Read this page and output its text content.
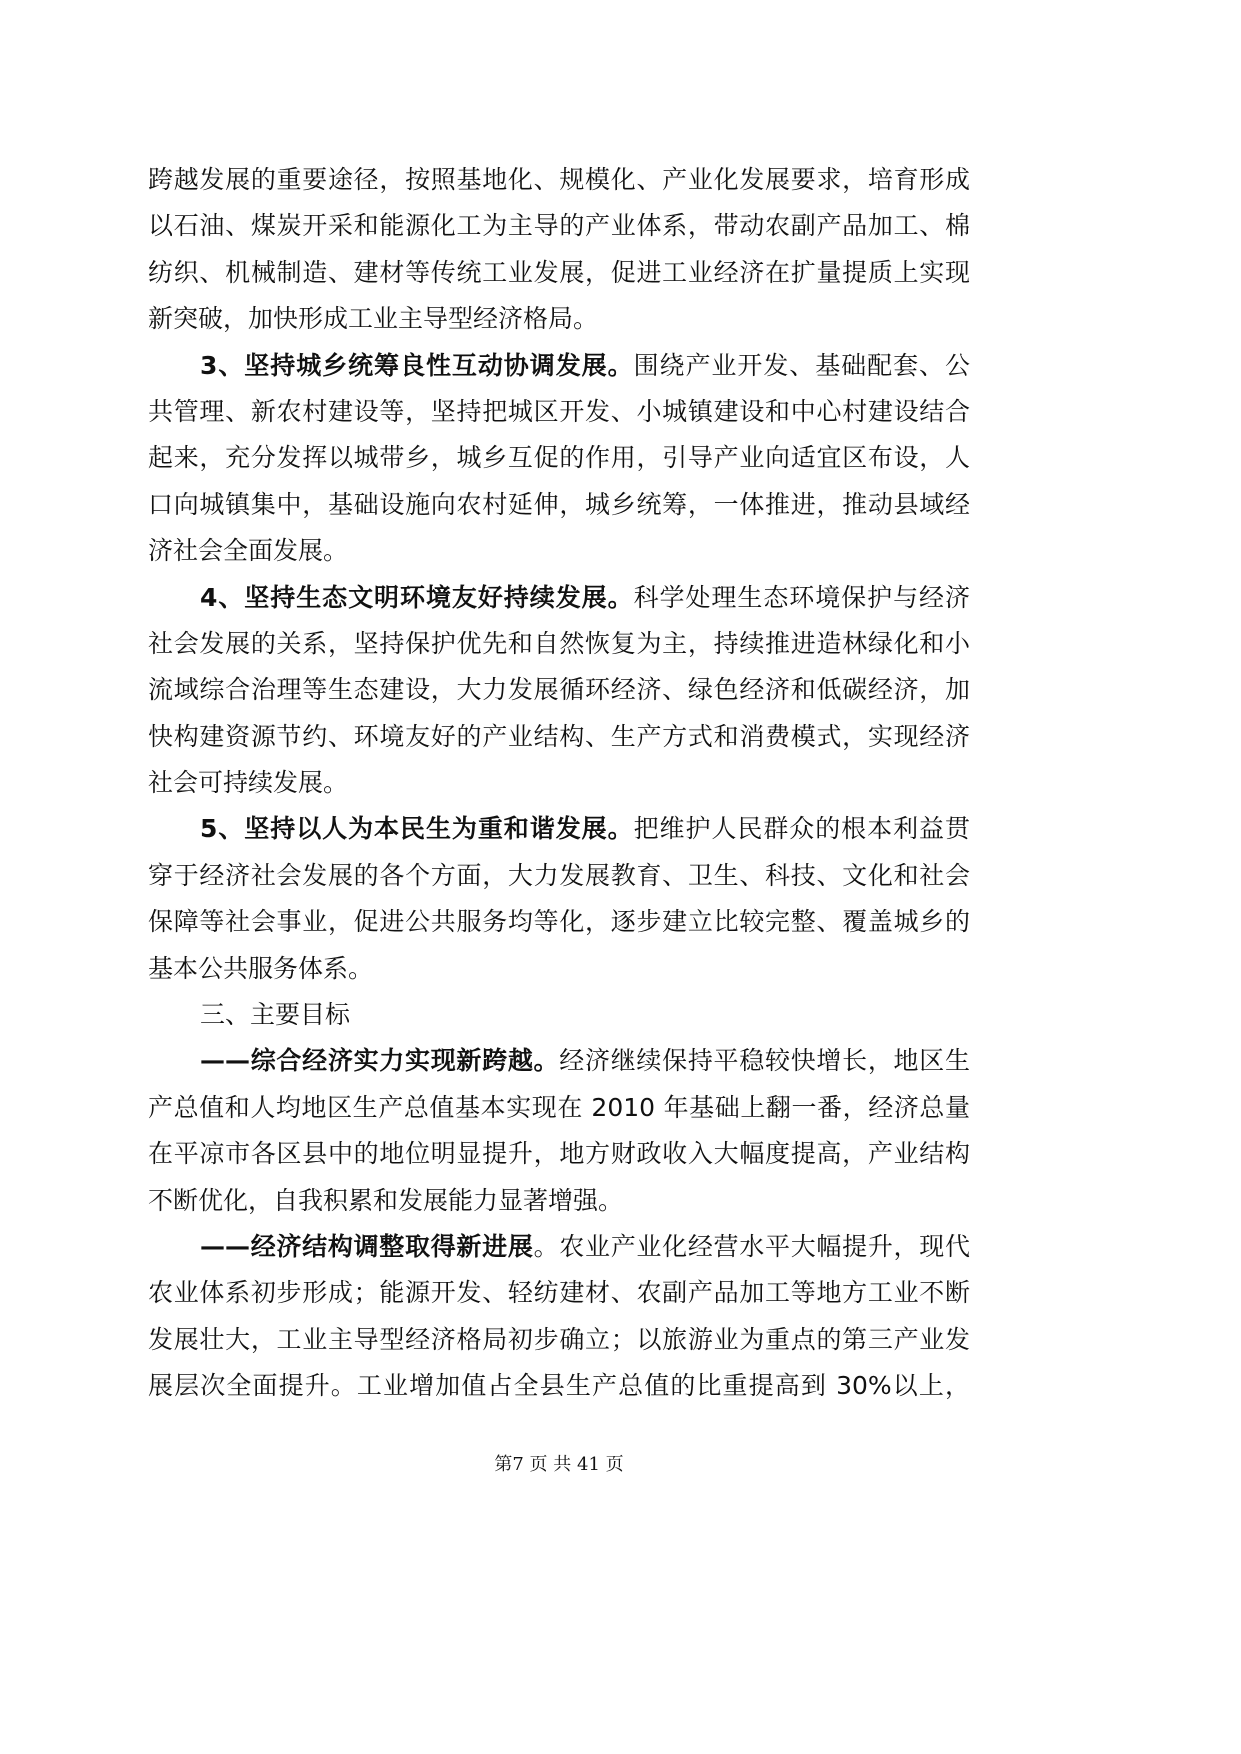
跨越发展的重要途径，按照基地化、规模化、产业化发展要求，培育形成
以石油、煤炭开采和能源化工为主导的产业体系，带动农副产品加工、棉
纺织、机械制造、建材等传统工业发展，促进工业经济在扩量提质上实现
新突破，加快形成工业主导型经济格局。
3、坚持城乡统筹良性互动协调发展。围绕产业开发、基础配套、公
共管理、新农村建设等，坚持把城区开发、小城镇建设和中心村建设结合
起来，充分发挥以城带乡，城乡互促的作用，引导产业向适宜区布设，人
口向城镇集中，基础设施向农村延伸，城乡统筹，一体推进，推动县域经
济社会全面发展。
4、坚持生态文明环境友好持续发展。科学处理生态环境保护与经济
社会发展的关系，坚持保护优先和自然恢复为主，持续推进造林绿化和小
流域综合治理等生态建设，大力发展循环经济、绿色经济和低碳经济，加
快构建资源节约、环境友好的产业结构、生产方式和消费模式，实现经济
社会可持续发展。
5、坚持以人为本民生为重和谐发展。把维护人民群众的根本利益贯
穿于经济社会发展的各个方面，大力发展教育、卫生、科技、文化和社会
保障等社会事业，促进公共服务均等化，逐步建立比较完整、覆盖城乡的
基本公共服务体系。
三、主要目标
——综合经济实力实现新跨越。经济继续保持平稳较快增长，地区生
产总值和人均地区生产总值基本实现在 2010 年基础上翻一番，经济总量
在平凉市各区县中的地位明显提升，地方财政收入大幅度提高，产业结构
不断优化，自我积累和发展能力显著增强。
——经济结构调整取得新进展。农业产业化经营水平大幅提升，现代
农业体系初步形成；能源开发、轻纺建材、农副产品加工等地方工业不断
发展壮大，工业主导型经济格局初步确立；以旅游业为重点的第三产业发
展层次全面提升。工业增加值占全县生产总值的比重提高到 30%以上，
第7 页 共 41 页
